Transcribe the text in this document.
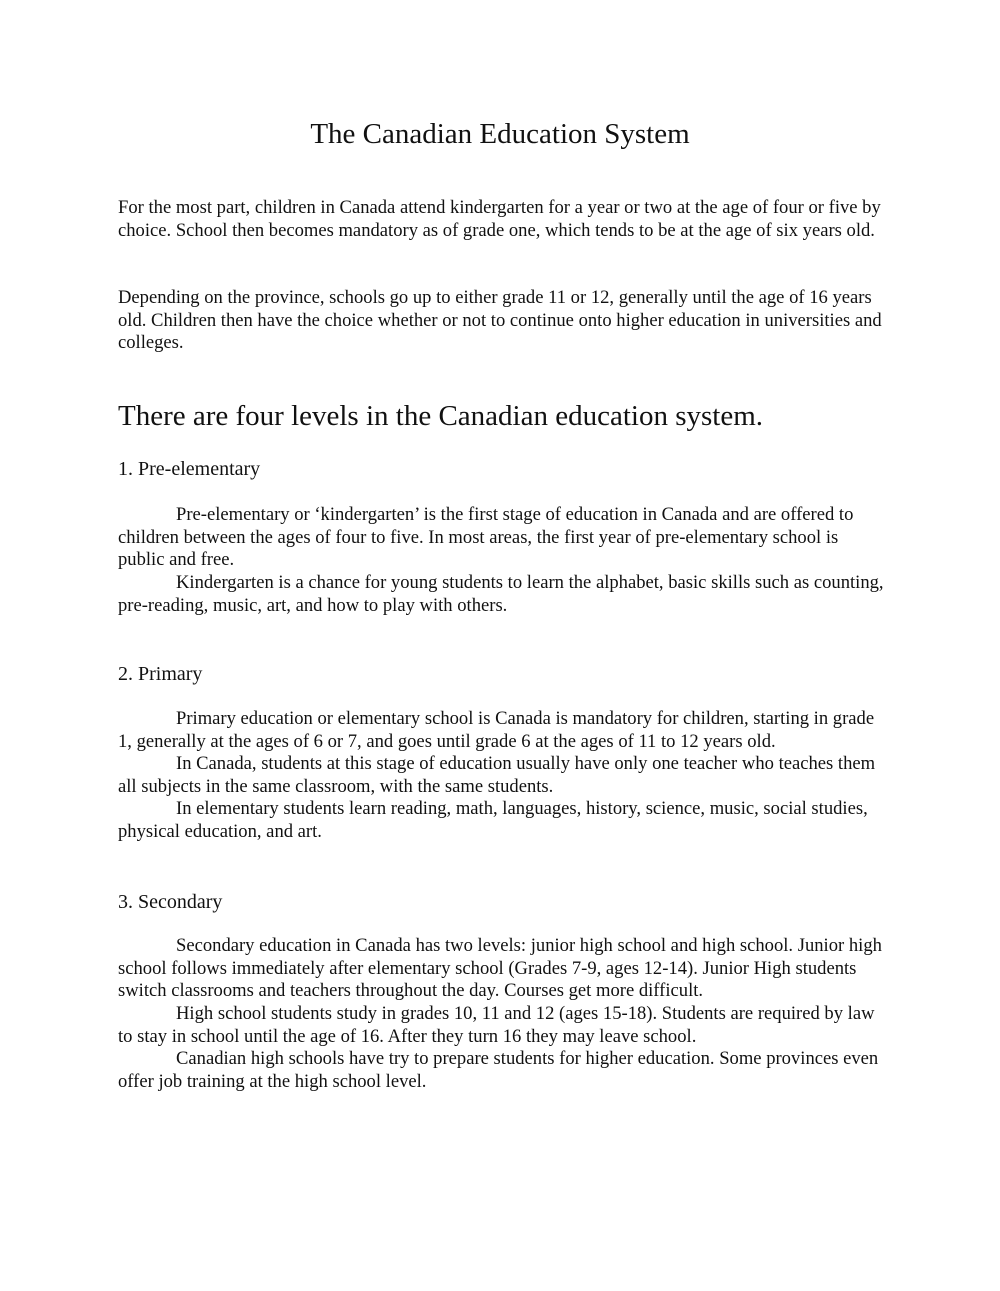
The Canadian Education System

For the most part, children in Canada attend kindergarten for a year or two at the age of four or five by choice. School then becomes mandatory as of grade one, which tends to be at the age of six years old.

Depending on the province, schools go up to either grade 11 or 12, generally until the age of 16 years old. Children then have the choice whether or not to continue onto higher education in universities and colleges.

There are four levels in the Canadian education system.
1. Pre-elementary

Pre-elementary or ‘kindergarten’ is the first stage of education in Canada and are offered to children between the ages of four to five. In most areas, the first year of pre-elementary school is public and free.

Kindergarten is a chance for young students to learn the alphabet, basic skills such as counting, pre-reading, music, art, and how to play with others.

2. Primary

Primary education or elementary school is Canada is mandatory for children, starting in grade 1, generally at the ages of 6 or 7, and goes until grade 6 at the ages of 11 to 12 years old.

In Canada, students at this stage of education usually have only one teacher who teaches them all subjects in the same classroom, with the same students.

In elementary students learn reading, math, languages, history, science, music, social studies, physical education, and art.

3. Secondary

Secondary education in Canada has two levels: junior high school and high school. Junior high school follows immediately after elementary school (Grades 7-9, ages 12-14). Junior High students switch classrooms and teachers throughout the day. Courses get more difficult.

High school students study in grades 10, 11 and 12 (ages 15-18). Students are required by law to stay in school until the age of 16. After they turn 16 they may leave school.

Canadian high schools have try to prepare students for higher education. Some provinces even offer job training at the high school level.
